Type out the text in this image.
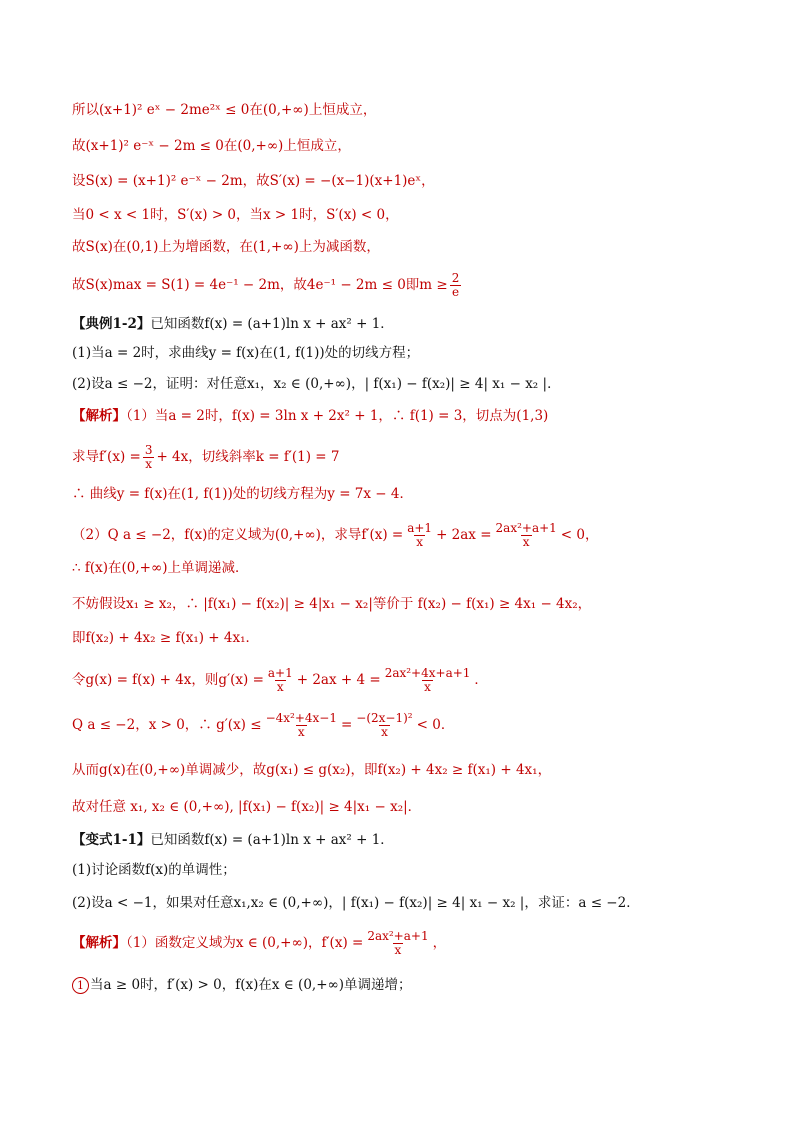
所以(x+1)² eˣ − 2me²ˣ ≤ 0在(0,+∞)上恒成立，
故(x+1)² e⁻ˣ − 2m ≤ 0在(0,+∞)上恒成立，
设S(x) = (x+1)² e⁻ˣ − 2m，故S′(x) = −(x−1)(x+1)eˣ，
当0 < x < 1时，S′(x) > 0，当x > 1时，S′(x) < 0，
故S(x)在(0,1)上为增函数，在(1,+∞)上为减函数，
故S(x)max = S(1) = 4e⁻¹ − 2m，故4e⁻¹ − 2m ≤ 0即$m \ge \frac{2}{e}$
【典例1-2】已知函数f(x) = (a+1)ln x + ax² + 1．
(1)当a = 2时，求曲线y = f(x)在(1, f(1))处的切线方程；
(2)设a ≤ −2，证明：对任意x₁，x₂ ∈ (0,+∞)，| f(x₁) − f(x₂)| ≥ 4| x₁ − x₂ |．
【解析】（1）当a = 2时，f(x) = 3ln x + 2x² + 1，∴ f(1) = 3，切点为(1,3)
求导$f'(x) = \frac{3}{x} + 4x$，切线斜率k = f′(1) = 7
∴ 曲线y = f(x)在(1, f(1))处的切线方程为y = 7x − 4．
（2）Q a ≤ −2，f(x)的定义域为(0,+∞)，求导$f'(x) = \frac{a+1}{x} + 2ax = \frac{\text{2ax²+a+1}}{x} < 0$，
∴ f(x)在(0,+∞)上单调递减．
不妨假设x₁ ≥ x₂，∴ |f(x₁) − f(x₂)| ≥ 4|x₁ − x₂|等价于 f(x₂) − f(x₁) ≥ 4x₁ − 4x₂，
即f(x₂) + 4x₂ ≥ f(x₁) + 4x₁．
令g(x) = f(x) + 4x，则$g'(x) = \frac{a+1}{x} + 2ax + 4 = \frac{\text{2ax²+4x+a+1}}{x}$ ．
Q a ≤ −2，x > 0，∴ $g'(x) \le \frac{\text{−4x²+4x−1}}{x} = \frac{\text{−(2x−1)²}}{x} < 0$．
从而g(x)在(0,+∞)单调减少，故g(x₁) ≤ g(x₂)，即f(x₂) + 4x₂ ≥ f(x₁) + 4x₁，
故对任意 x₁, x₂ ∈ (0,+∞), |f(x₁) − f(x₂)| ≥ 4|x₁ − x₂|．
【变式1-1】已知函数f(x) = (a+1)ln x + ax² + 1．
(1)讨论函数f(x)的单调性；
(2)设a < −1，如果对任意x₁,x₂ ∈ (0,+∞)，| f(x₁) − f(x₂)| ≥ 4| x₁ − x₂ |，求证：a ≤ −2．
【解析】（1）函数定义域为x ∈ (0,+∞)，$f'(x) = \frac{\text{2ax²+a+1}}{x}$ ，
1 当a ≥ 0时，f′(x) > 0，f(x)在x ∈ (0,+∞)单调递增；
